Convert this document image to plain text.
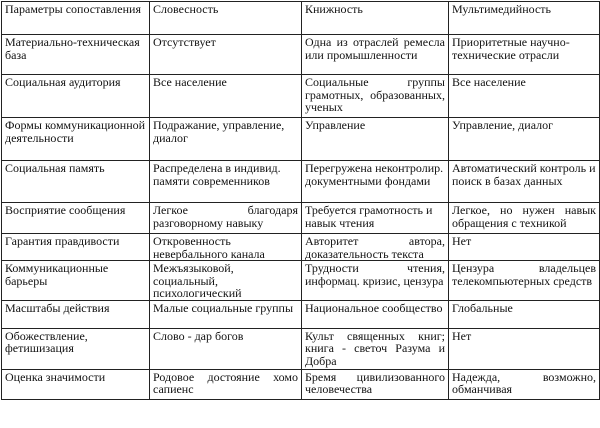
Параметры сопоставления	Словесность	Книжность	Мультимедийность
Материально-техническая база	Отсутствует	Одна из отраслей ремесла или промышленности	Приоритетные научно-технические отрасли
Социальная аудитория	Все население	Социальные группы грамотных, образованных, ученых	Все население
Формы коммуникационной деятельности	Подражание, управление, диалог	Управление	Управление, диалог
Социальная память	Распределена в индивид. памяти современников	Перегружена неконтролир. документными фондами	Автоматический контроль и поиск в базах данных
Восприятие сообщения	Легкое благодаря разговорному навыку	Требуется грамотность и навык чтения	Легкое, но нужен навык обращения с техникой
Гарантия правдивости	Откровенность невербального канала	Авторитет автора, доказательность текста	Нет
Коммуникационные барьеры	Межъязыковой, социальный, психологический	Трудности чтения, информац. кризис, цензура	Цензура владельцев телекомпьютерных средств
Масштабы действия	Малые социальные группы	Национальное сообщество	Глобальные
Обожествление, фетишизация	Слово - дар богов	Культ священных книг; книга - светоч Разума и Добра	Нет
Оценка значимости	Родовое достояние хомо сапиенс	Бремя цивилизованного человечества	Надежда, возможно, обманчивая
